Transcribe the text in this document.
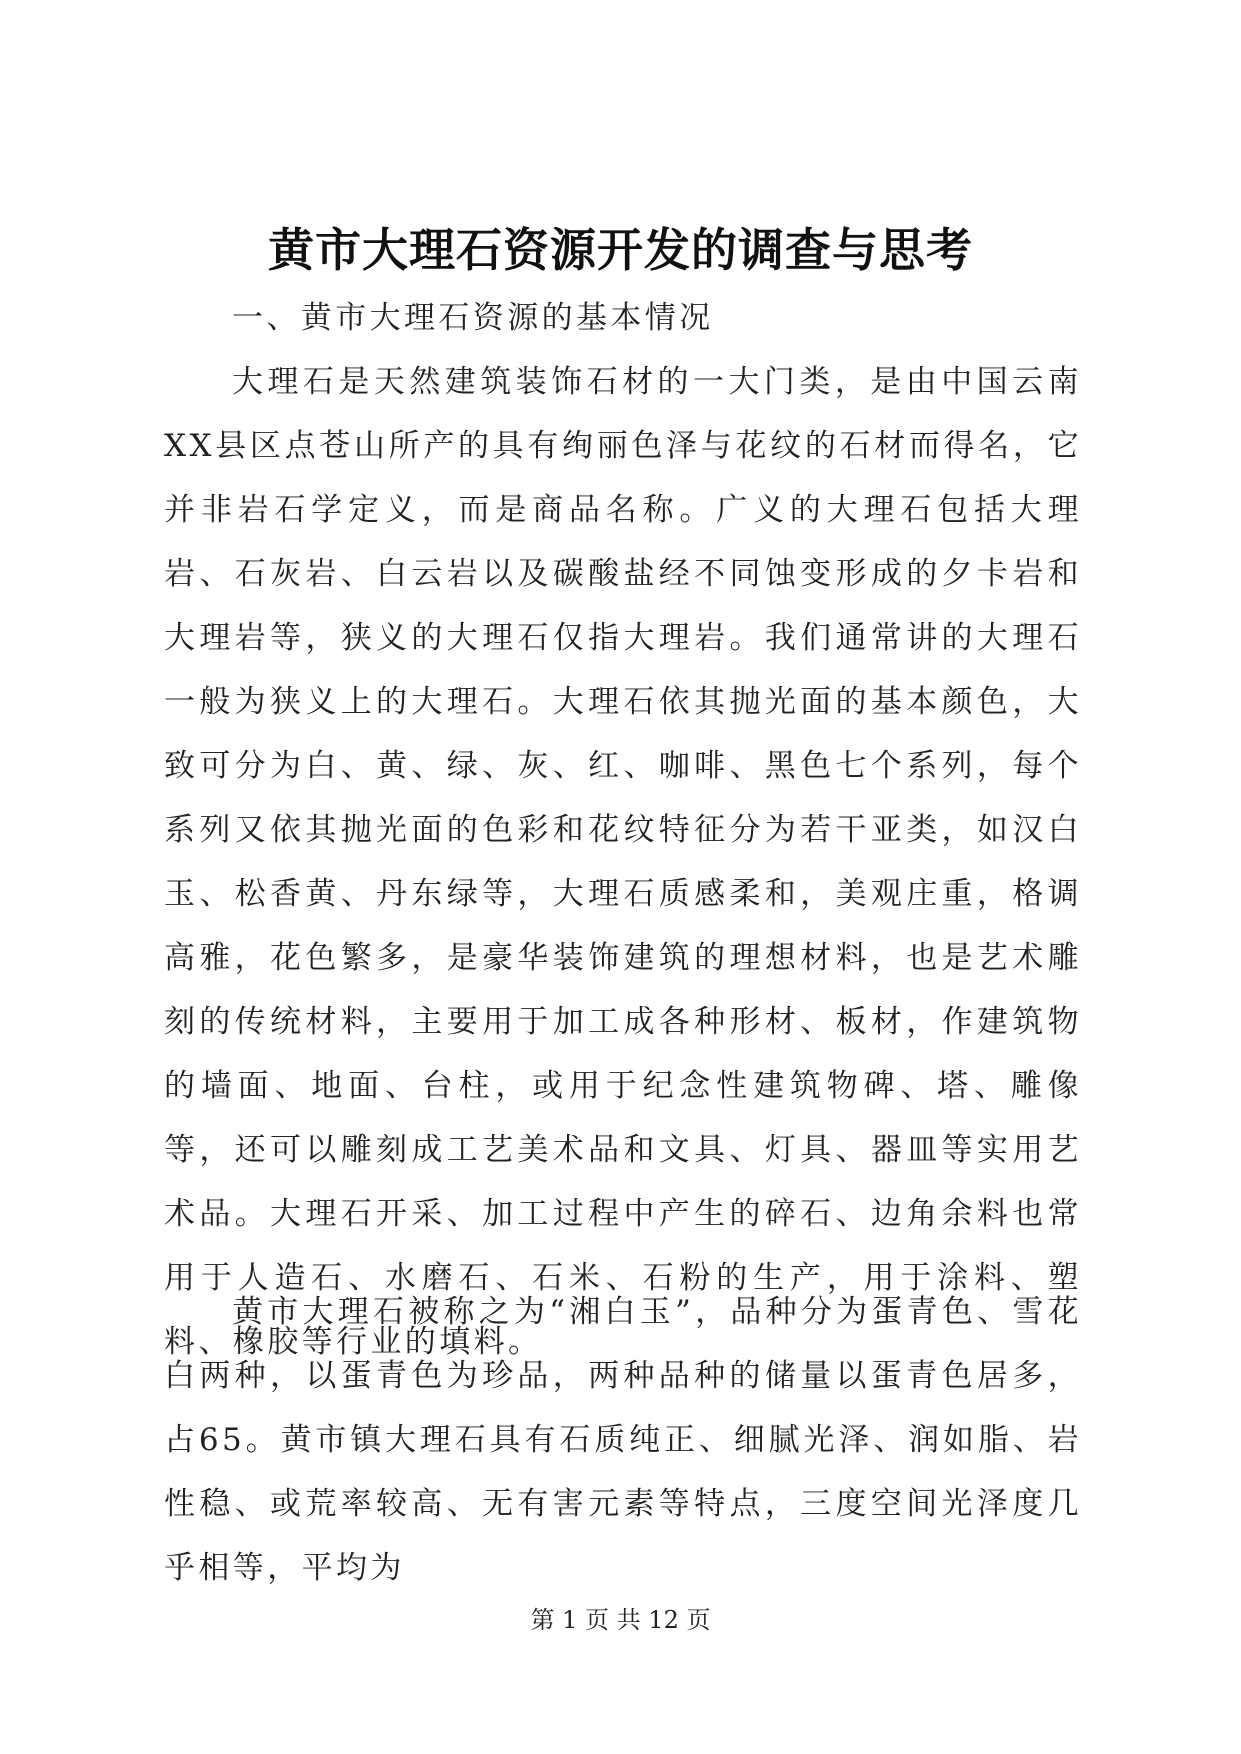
黄市大理石资源开发的调查与思考

一、黄市大理石资源的基本情况

大理石是天然建筑装饰石材的一大门类，是由中国云南XX县区点苍山所产的具有绚丽色泽与花纹的石材而得名，它并非岩石学定义，而是商品名称。广义的大理石包括大理岩、石灰岩、白云岩以及碳酸盐经不同蚀变形成的夕卡岩和大理岩等，狭义的大理石仅指大理岩。我们通常讲的大理石一般为狭义上的大理石。大理石依其抛光面的基本颜色，大致可分为白、黄、绿、灰、红、咖啡、黑色七个系列，每个系列又依其抛光面的色彩和花纹特征分为若干亚类，如汉白玉、松香黄、丹东绿等，大理石质感柔和，美观庄重，格调高雅，花色繁多，是豪华装饰建筑的理想材料，也是艺术雕刻的传统材料，主要用于加工成各种形材、板材，作建筑物的墙面、地面、台柱，或用于纪念性建筑物碑、塔、雕像等，还可以雕刻成工艺美术品和文具、灯具、器皿等实用艺术品。大理石开采、加工过程中产生的碎石、边角余料也常用于人造石、水磨石、石米、石粉的生产，用于涂料、塑料、橡胶等行业的填料。

黄市大理石被称之为“湘白玉”，品种分为蛋青色、雪花白两种，以蛋青色为珍品，两种品种的储量以蛋青色居多，占65。黄市镇大理石具有石质纯正、细腻光泽、润如脂、岩性稳、或荒率较高、无有害元素等特点，三度空间光泽度几乎相等，平均为

第 1 页 共 12 页
